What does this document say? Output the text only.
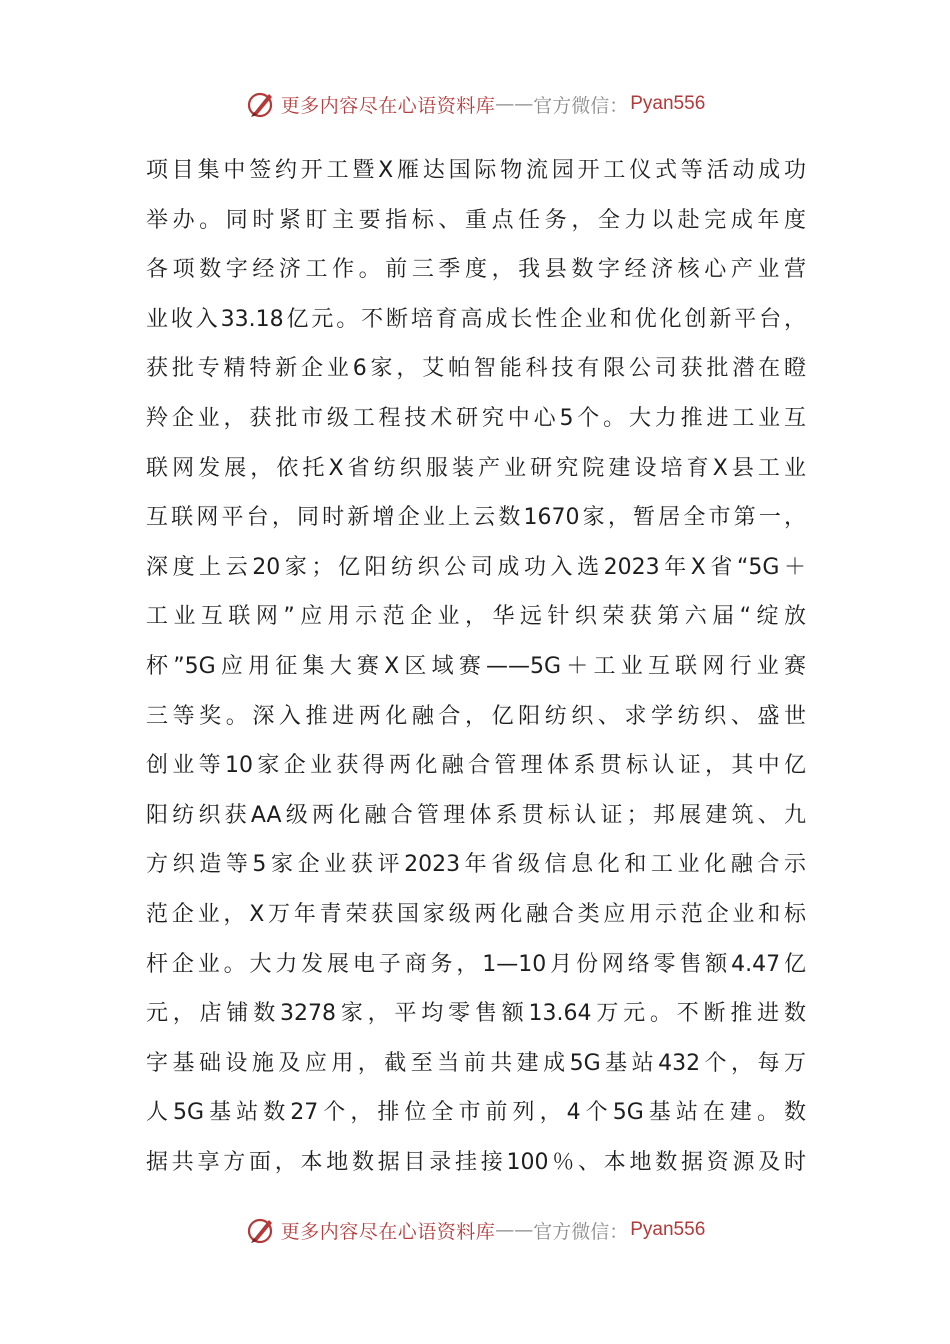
更多内容尽在心语资料库 —— 官方微信： Pyan556
项目集中签约开工暨X雁达国际物流园开工仪式等活动成功
举办。同时紧盯主要指标、重点任务，全力以赴完成年度
各项数字经济工作。前三季度，我县数字经济核心产业营
业收入33.18亿元。不断培育高成长性企业和优化创新平台，
获批专精特新企业6家，艾帕智能科技有限公司获批潜在瞪
羚企业，获批市级工程技术研究中心5个。大力推进工业互
联网发展，依托X省纺织服装产业研究院建设培育X县工业
互联网平台，同时新增企业上云数1670家，暂居全市第一，
深度上云20家；亿阳纺织公司成功入选2023年X省“5G＋
工业互联网”应用示范企业，华远针织荣获第六届“绽放
杯”5G应用征集大赛X区域赛——5G＋工业互联网行业赛
三等奖。深入推进两化融合，亿阳纺织、求学纺织、盛世
创业等10家企业获得两化融合管理体系贯标认证，其中亿
阳纺织获AA级两化融合管理体系贯标认证；邦展建筑、九
方织造等5家企业获评2023年省级信息化和工业化融合示
范企业，X万年青荣获国家级两化融合类应用示范企业和标
杆企业。大力发展电子商务，1—10月份网络零售额4.47亿
元，店铺数3278家，平均零售额13.64万元。不断推进数
字基础设施及应用，截至当前共建成5G基站432个，每万
人5G基站数27个，排位全市前列，4个5G基站在建。数
据共享方面，本地数据目录挂接100％、本地数据资源及时
更多内容尽在心语资料库 —— 官方微信： Pyan556
